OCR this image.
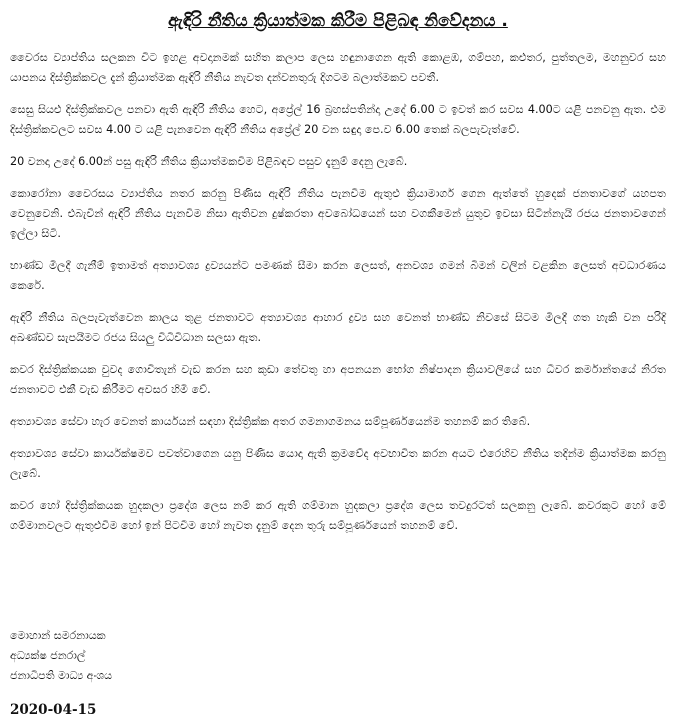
ඇඳිරි නීතිය ක්‍රියාත්මක කිරීම පිළිබඳ නිවේදනය .

වෛරස ව්‍යාප්තිය සලකන විට ඉහළ අවදානමක් සහිත කලාප ලෙස හඳුනාගෙන ඇති කොළඹ, ගම්පහ, කළුතර, පුත්තලම, මහනුවර සහ යාපනය දිස්ත්‍රික්කවල දැන් ක්‍රියාත්මක ඇඳිරි නීතිය නැවත දන්වනතුරු දිගටම බලාත්මකව පවතී.

සෙසු සියළු දිස්ත්‍රික්කවල පනවා ඇති ඇඳිරි නීතිය හෙට, අප්‍රේල් 16 බ්‍රහස්පතින්දා උදේ 6.00 ට ඉවත් කර සවස 4.00ට යළි පනවනු ඇත. එම දිස්ත්‍රික්කවලට සවස 4.00 ට යළි පැනවෙන ඇඳිරි නීතිය අප්‍රේල් 20 වන සඳුදා පෙ.ව 6.00 තෙක් බලපැවැත්වේ.

20 වනදා උදේ 6.00න් පසු ඇඳිරි නීතිය ක්‍රියාත්මකවීම පිළිබඳව පසුව දැනුම් දෙනු ලැබේ.

කොරෝනා වෛරසය ව්‍යාප්තිය නතර කරනු පිණිස ඇඳිරි නීතිය පැනවීම ඇතුළු ක්‍රියාමාර්ග ගෙන ඇත්තේ හුදෙක් ජනතාවගේ යහපත වෙනුවෙනි. එබැවින් ඇඳිරි නීතිය පැනවීම නිසා ඇතිවන දුෂ්කරතා අවබෝධයෙන් සහ වගකීමෙන් යුතුව ඉවසා සිටින්නැයි රජය ජනතාවගෙන් ඉල්ලා සිටී.

භාණ්ඩ මිලදී ගැනීම් ඉතාමත් අත්‍යාවශ්‍ය ද්‍රව්‍යයන්ට පමණක් සීමා කරන ලෙසත්, අනවශ්‍ය ගමන් බිමන් වලින් වළකින ලෙසත් අවධාරණය කෙරේ.

ඇඳිරි නීතිය බලපැවැත්වෙන කාලය තුළ ජනතාවට අත්‍යාවශ්‍ය ආහාර ද්‍රව්‍ය සහ වෙනත් භාණ්ඩ නිවසේ සිටම මිලදී ගත හැකි වන පරිදි අඛණ්ඩව සැපයීමට රජය සියලු විධිවිධාන සලසා ඇත.

කවර දිස්ත්‍රික්කයක වුවද ගොවිතැන් වැඩ කරන සහ කුඩා තේවතු හා අපනයන භෝග නිෂ්පාදන ක්‍රියාවලියේ සහ ධීවර කර්මාන්තයේ නිරත ජනතාවට එකී වැඩ කිරීමට අවසර හිමි වේ.

අත්‍යාවශ්‍ය සේවා හැර වෙනත් කාර්යයන් සඳහා දිස්ත්‍රික්ක අතර ගමනාගමනය සම්පූර්ණයෙන්ම තහනම් කර තිබේ.

අත්‍යාවශ්‍ය සේවා කාර්යක්ෂමව පවත්වාගෙන යනු පිණිස යොදා ඇති ක්‍රමවේද අවභාවිත කරන අයට එරෙහිව නීතිය තදින්ම ක්‍රියාත්මක කරනු ලැබේ.

කවර හෝ දිස්ත්‍රික්කයක හුදකලා ප්‍රදේශ ලෙස නම් කර ඇති ගම්මාන හුදකලා ප්‍රදේශ ලෙස තවදුරටත් සලකනු ලැබේ. කවරකුට හෝ මේ ගම්මානවලට ඇතුළුවීම හෝ ඉන් පිටවීම හෝ නැවත දැනුම් දෙන තුරු සම්පූර්ණයෙන් තහනම් වේ.

මොහාන් සමරනායක
අධ්‍යක්ෂ ජනරාල්
ජනාධිපති මාධ්‍ය අංශය
2020-04-15
